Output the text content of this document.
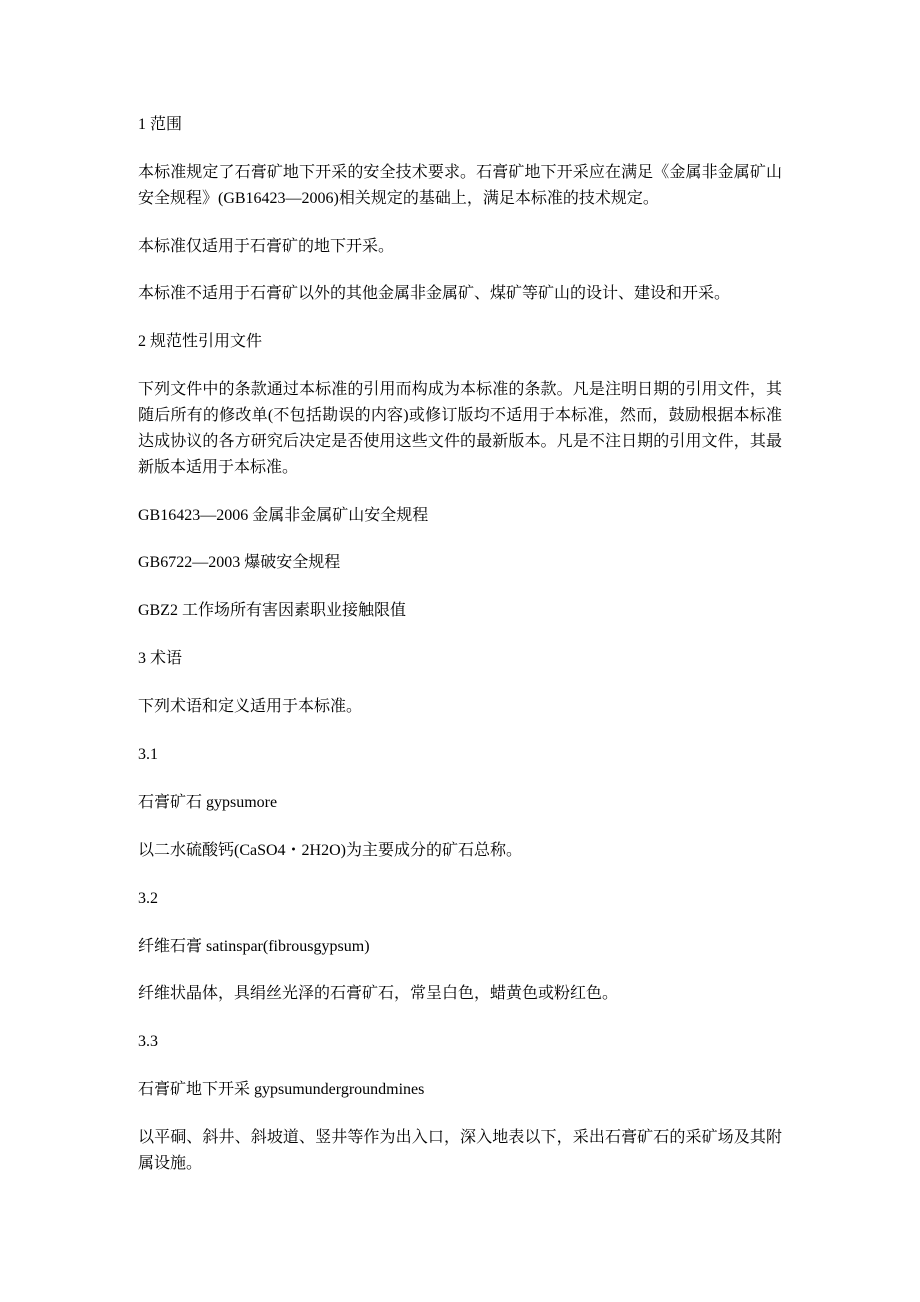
1 范围

本标准规定了石膏矿地下开采的安全技术要求。石膏矿地下开采应在满足《金属非金属矿山
安全规程》(GB16423—2006)相关规定的基础上，满足本标准的技术规定。

本标准仅适用于石膏矿的地下开采。

本标准不适用于石膏矿以外的其他金属非金属矿、煤矿等矿山的设计、建设和开采。

2 规范性引用文件

下列文件中的条款通过本标准的引用而构成为本标准的条款。凡是注明日期的引用文件，其
随后所有的修改单(不包括勘误的内容)或修订版均不适用于本标准，然而，鼓励根据本标准
达成协议的各方研究后决定是否使用这些文件的最新版本。凡是不注日期的引用文件，其最
新版本适用于本标准。

GB16423—2006 金属非金属矿山安全规程

GB6722—2003 爆破安全规程

GBZ2 工作场所有害因素职业接触限值

3 术语

下列术语和定义适用于本标准。

3.1

石膏矿石 gypsumore

以二水硫酸钙(CaSO4・2H2O)为主要成分的矿石总称。

3.2

纤维石膏 satinspar(fibrousgypsum)

纤维状晶体，具绢丝光泽的石膏矿石，常呈白色，蜡黄色或粉红色。

3.3

石膏矿地下开采 gypsumundergroundmines

以平硐、斜井、斜坡道、竖井等作为出入口，深入地表以下，采出石膏矿石的采矿场及其附
属设施。
